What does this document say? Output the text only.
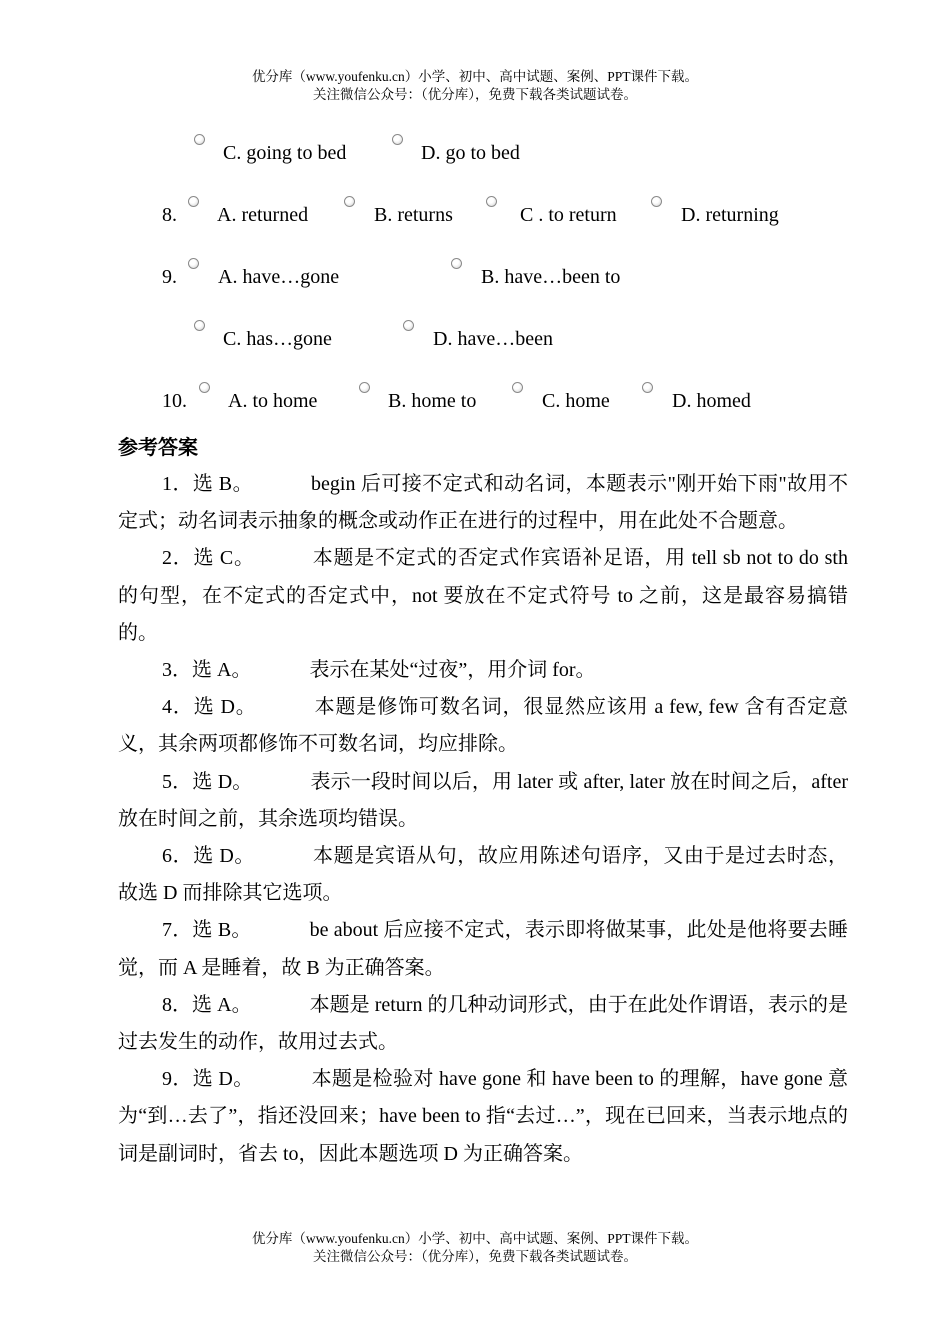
优分库（www.youfenku.cn）小学、初中、高中试题、案例、PPT课件下载。
关注微信公众号：（优分库），免费下载各类试题试卷。
C. going to bed	D. go to bed
8. A. returned	B. returns	C . to return	D. returning
9. A. have…gone	B. have…been to
C. has…gone	D. have…been
10. A. to home	B. home to	C. home	D. homed
参考答案

1．选 B。	begin 后可接不定式和动名词，本题表示"刚开始下雨"故用不定式；动名词表示抽象的概念或动作正在进行的过程中，用在此处不合题意。

2．选 C。	本题是不定式的否定式作宾语补足语，用 tell sb not to do sth 的句型，在不定式的否定式中，not 要放在不定式符号 to 之前，这是最容易搞错的。

3．选 A。	表示在某处“过夜”，用介词 for。

4．选 D。	本题是修饰可数名词，很显然应该用 a few, few 含有否定意义，其余两项都修饰不可数名词，均应排除。

5．选 D。	表示一段时间以后，用 later 或 after, later 放在时间之后，after 放在时间之前，其余选项均错误。

6．选 D。	本题是宾语从句，故应用陈述句语序，又由于是过去时态，故选 D 而排除其它选项。

7．选 B。	be about 后应接不定式，表示即将做某事，此处是他将要去睡觉，而 A 是睡着，故 B 为正确答案。

8．选 A。	本题是 return 的几种动词形式，由于在此处作谓语，表示的是过去发生的动作，故用过去式。

9．选 D。	本题是检验对 have gone 和 have been to 的理解，have gone 意为“到…去了”，指还没回来；have been to 指“去过…”，现在已回来，当表示地点的词是副词时，省去 to，因此本题选项 D 为正确答案。

优分库（www.youfenku.cn）小学、初中、高中试题、案例、PPT课件下载。
关注微信公众号：（优分库），免费下载各类试题试卷。
